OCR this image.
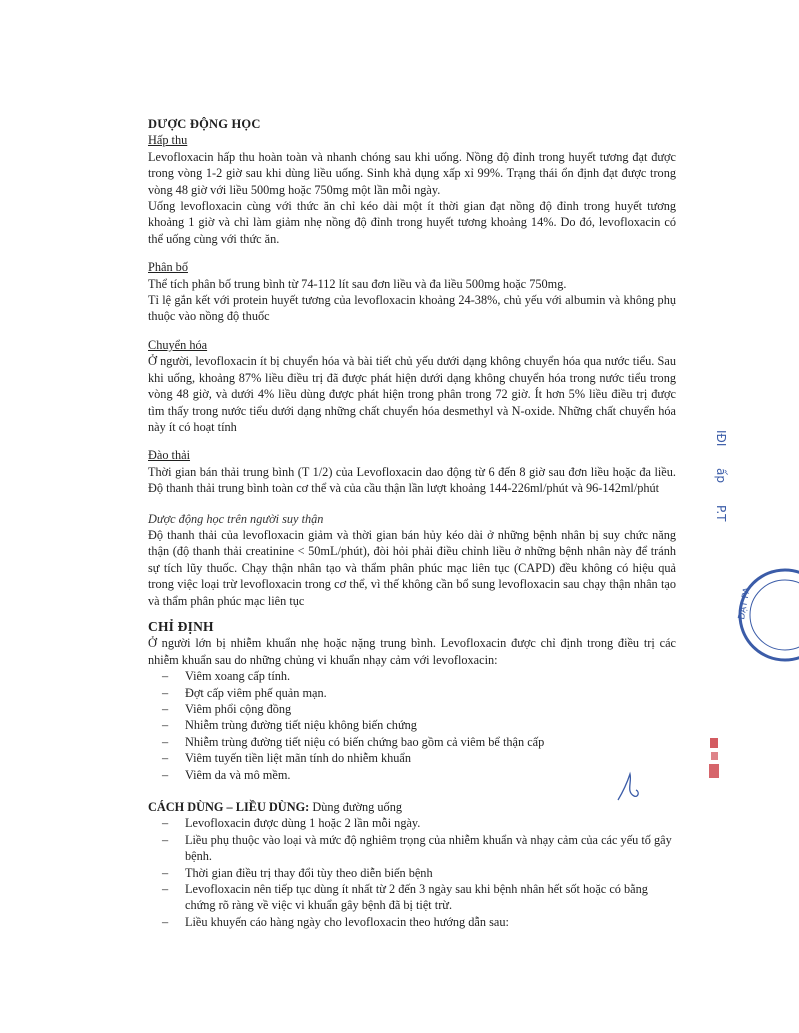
DƯỢC ĐỘNG HỌC
Hấp thu

Levofloxacin hấp thu hoàn toàn và nhanh chóng sau khi uống. Nồng độ đỉnh trong huyết tương đạt được trong vòng 1-2 giờ sau khi dùng liều uống. Sinh khả dụng xấp xỉ 99%. Trạng thái ổn định đạt được trong vòng 48 giờ với liều 500mg hoặc 750mg một lần mỗi ngày.

Uống levofloxacin cùng với thức ăn chỉ kéo dài một ít thời gian đạt nồng độ đỉnh trong huyết tương khoảng 1 giờ và chỉ làm giảm nhẹ nồng độ đỉnh trong huyết tương khoảng 14%. Do đó, levofloxacin có thể uống cùng với thức ăn.

Phân bố

Thể tích phân bố trung bình từ 74-112 lít sau đơn liều và đa liều 500mg hoặc 750mg.

Tỉ lệ gắn kết với protein huyết tương của levofloxacin khoảng 24-38%, chủ yếu với albumin và không phụ thuộc vào nồng độ thuốc

Chuyển hóa

Ở người, levofloxacin ít bị chuyển hóa và bài tiết chủ yếu dưới dạng không chuyển hóa qua nước tiểu. Sau khi uống, khoảng 87% liều điều trị đã được phát hiện dưới dạng không chuyển hóa trong nước tiểu trong vòng 48 giờ, và dưới 4% liều dùng được phát hiện trong phân trong 72 giờ. Ít hơn 5% liều điều trị được tìm thấy trong nước tiểu dưới dạng những chất chuyển hóa desmethyl và N-oxide. Những chất chuyển hóa này ít có hoạt tính

Đào thải

Thời gian bán thải trung bình (T 1/2) của Levofloxacin dao động từ 6 đến 8 giờ sau đơn liều hoặc đa liều. Độ thanh thải trung bình toàn cơ thể và của cầu thận lần lượt khoảng 144-226ml/phút và 96-142ml/phút

Dược động học trên người suy thận

Độ thanh thải của levofloxacin giảm và thời gian bán hủy kéo dài ở những bệnh nhân bị suy chức năng thận (độ thanh thải creatinine < 50mL/phút), đòi hỏi phải điều chỉnh liều ở những bệnh nhân này để tránh sự tích lũy thuốc. Chạy thận nhân tạo và thẩm phân phúc mạc liên tục (CAPD) đều không có hiệu quả trong việc loại trừ levofloxacin trong cơ thể, vì thế không cần bổ sung levofloxacin sau chạy thận nhân tạo và thẩm phân phúc mạc liên tục

CHỈ ĐỊNH

Ở người lớn bị nhiễm khuẩn nhẹ hoặc nặng trung bình. Levofloxacin được chỉ định trong điều trị các nhiễm khuẩn sau do những chủng vi khuẩn nhạy cảm với levofloxacin:

– Viêm xoang cấp tính.
– Đợt cấp viêm phế quản mạn.
– Viêm phổi cộng đồng
– Nhiễm trùng đường tiết niệu không biến chứng
– Nhiễm trùng đường tiết niệu có biến chứng bao gồm cả viêm bể thận cấp
– Viêm tuyến tiền liệt mãn tính do nhiễm khuẩn
– Viêm da và mô mềm.
CÁCH DÙNG – LIỀU DÙNG: Dùng đường uống
– Levofloxacin được dùng 1 hoặc 2 lần mỗi ngày.
– Liều phụ thuộc vào loại và mức độ nghiêm trọng của nhiễm khuẩn và nhạy cảm của các yếu tố gây bệnh.
– Thời gian điều trị thay đổi tùy theo diễn biến bệnh
– Levofloxacin nên tiếp tục dùng ít nhất từ 2 đến 3 ngày sau khi bệnh nhân hết sốt hoặc có bằng chứng rõ ràng về việc vi khuẩn gây bệnh đã bị tiệt trừ.
– Liều khuyến cáo hàng ngày cho levofloxacin theo hướng dẫn sau:
IĐI
ấp
P.T
ĐẠT PA
